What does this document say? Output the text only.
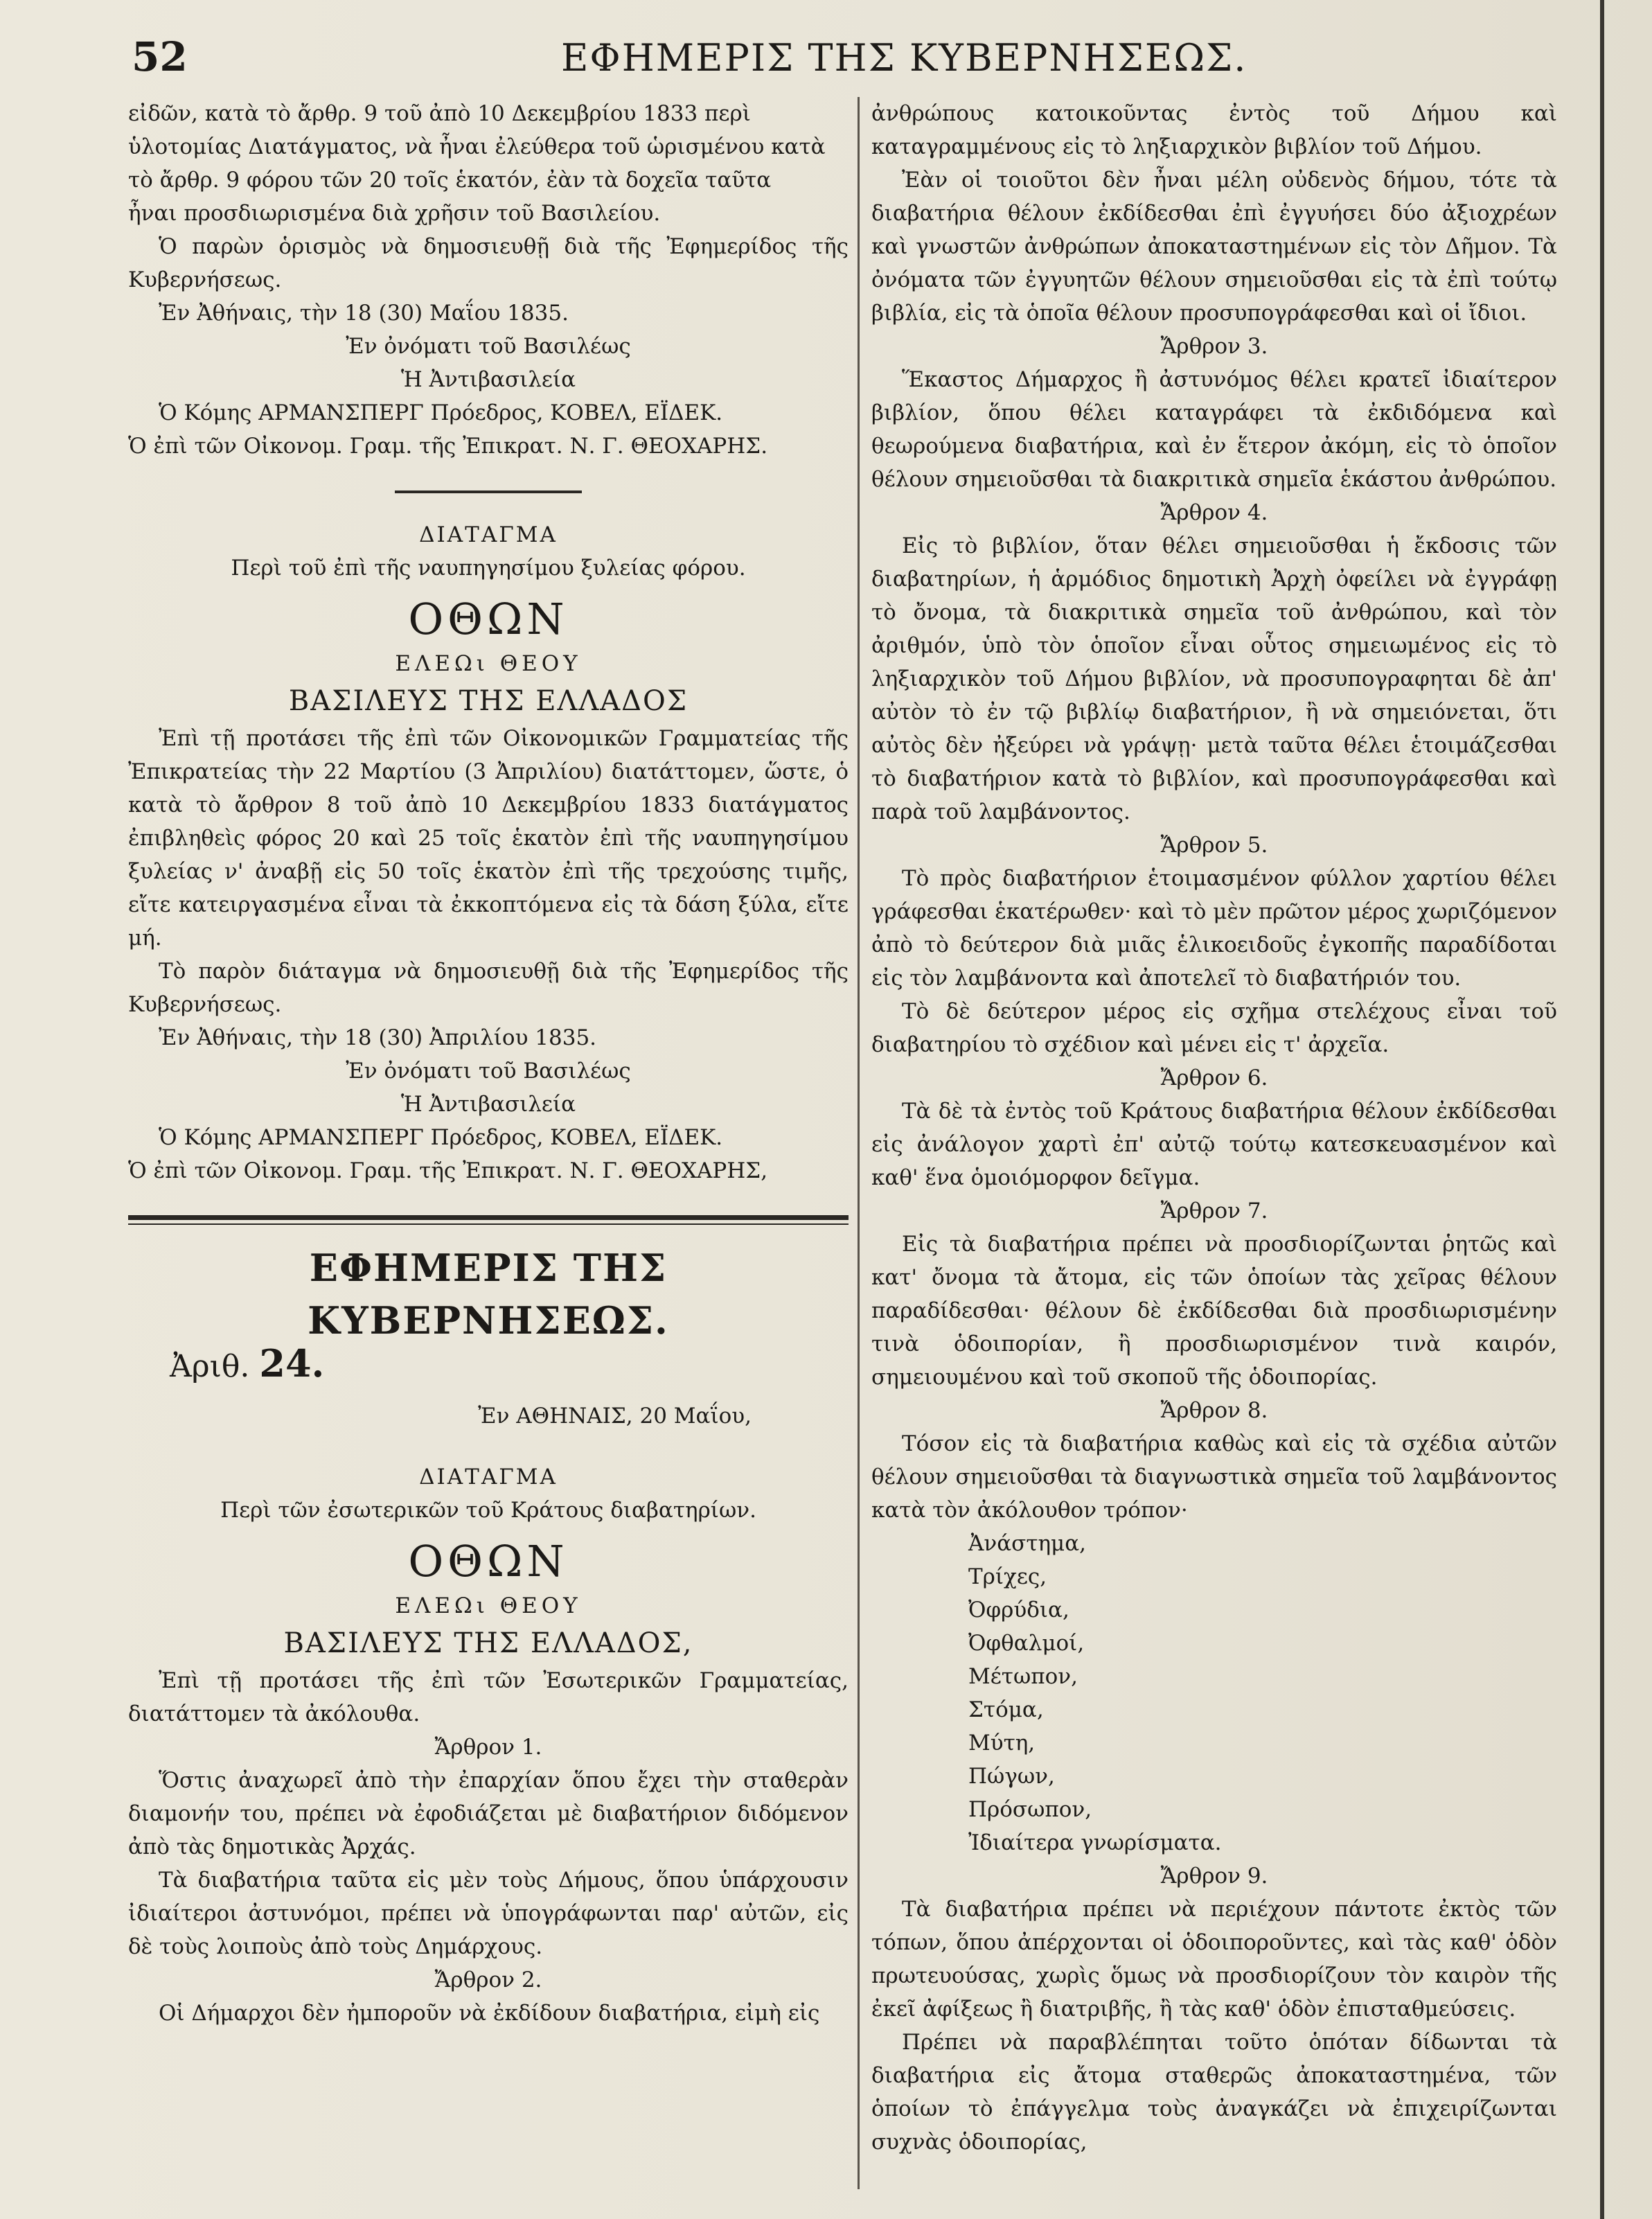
52	ΕΦΗΜΕΡΙΣ ΤΗΣ ΚΥΒΕΡΝΗΣΕΩΣ.

εἰδῶν, κατὰ τὸ ἄρθρ. 9 τοῦ ἀπὸ 10 Δεκεμβρίου 1833 περὶ

ὑλοτομίας Διατάγματος, νὰ ἦναι ἐλεύθερα τοῦ ὡρισμένου κατὰ

τὸ ἄρθρ. 9 φόρου τῶν 20 τοῖς ἑκατόν, ἐὰν τὰ δοχεῖα ταῦτα

ἦναι προσδιωρισμένα διὰ χρῆσιν τοῦ Βασιλείου.

Ὁ παρὼν ὁρισμὸς νὰ δημοσιευθῇ διὰ τῆς Ἐφημερίδος τῆς Κυβερνήσεως.

Ἐν Ἀθήναις, τὴν 18 (30) Μαΐου 1835.

Ἐν ὀνόματι τοῦ Βασιλέως

Ἡ Ἀντιβασιλεία

Ὁ Κόμης ΑΡΜΑΝΣΠΕΡΓ Πρόεδρος, ΚΟΒΕΛ, ΕΪΔΕΚ.

Ὁ ἐπὶ τῶν Οἰκονομ. Γραμ. τῆς Ἐπικρατ. Ν. Γ. ΘΕΟΧΑΡΗΣ.

ΔΙΑΤΑΓΜΑ

Περὶ τοῦ ἐπὶ τῆς ναυπηγησίμου ξυλείας φόρου.

ΟΘΩΝ

ΕΛΕΩι ΘΕΟΥ

ΒΑΣΙΛΕΥΣ ΤΗΣ ΕΛΛΑΔΟΣ

Ἐπὶ τῇ προτάσει τῆς ἐπὶ τῶν Οἰκονομικῶν Γραμματείας τῆς Ἐπικρατείας τὴν 22 Μαρτίου (3 Ἀπριλίου) διατάττομεν, ὥστε, ὁ κατὰ τὸ ἄρθρον 8 τοῦ ἀπὸ 10 Δεκεμβρίου 1833 διατάγματος ἐπιβληθεὶς φόρος 20 καὶ 25 τοῖς ἑκατὸν ἐπὶ τῆς ναυπηγησίμου ξυλείας ν' ἀναβῇ εἰς 50 τοῖς ἑκατὸν ἐπὶ τῆς τρεχούσης τιμῆς, εἴτε κατειργασμένα εἶναι τὰ ἐκκοπτόμενα εἰς τὰ δάση ξύλα, εἴτε μή.

Τὸ παρὸν διάταγμα νὰ δημοσιευθῇ διὰ τῆς Ἐφημερίδος τῆς Κυβερνήσεως.

Ἐν Ἀθήναις, τὴν 18 (30) Ἀπριλίου 1835.

Ἐν ὀνόματι τοῦ Βασιλέως

Ἡ Ἀντιβασιλεία

Ὁ Κόμης ΑΡΜΑΝΣΠΕΡΓ Πρόεδρος, ΚΟΒΕΛ, ΕΪΔΕΚ.

Ὁ ἐπὶ τῶν Οἰκονομ. Γραμ. τῆς Ἐπικρατ. Ν. Γ. ΘΕΟΧΑΡΗΣ,

ΕΦΗΜΕΡΙΣ ΤΗΣ ΚΥΒΕΡΝΗΣΕΩΣ.

Ἀριθ. 24.

Ἐν ΑΘΗΝΑΙΣ, 20 Μαΐου,

ΔΙΑΤΑΓΜΑ

Περὶ τῶν ἐσωτερικῶν τοῦ Κράτους διαβατηρίων.

ΟΘΩΝ

ΕΛΕΩι ΘΕΟΥ

ΒΑΣΙΛΕΥΣ ΤΗΣ ΕΛΛΑΔΟΣ,

Ἐπὶ τῇ προτάσει τῆς ἐπὶ τῶν Ἐσωτερικῶν Γραμματείας, διατάττομεν τὰ ἀκόλουθα.

Ἄρθρον 1.

Ὅστις ἀναχωρεῖ ἀπὸ τὴν ἐπαρχίαν ὅπου ἔχει τὴν σταθερὰν διαμονήν του, πρέπει νὰ ἐφοδιάζεται μὲ διαβατήριον διδόμενον ἀπὸ τὰς δημοτικὰς Ἀρχάς.

Τὰ διαβατήρια ταῦτα εἰς μὲν τοὺς Δήμους, ὅπου ὑπάρχουσιν ἰδιαίτεροι ἀστυνόμοι, πρέπει νὰ ὑπογράφωνται παρ' αὐτῶν, εἰς δὲ τοὺς λοιποὺς ἀπὸ τοὺς Δημάρχους.

Ἄρθρον 2.

Οἱ Δήμαρχοι δὲν ἠμποροῦν νὰ ἐκδίδουν διαβατήρια, εἰμὴ εἰς

ἀνθρώπους κατοικοῦντας ἐντὸς τοῦ Δήμου καὶ καταγραμμένους εἰς τὸ ληξιαρχικὸν βιβλίον τοῦ Δήμου.

Ἐὰν οἱ τοιοῦτοι δὲν ἦναι μέλη οὐδενὸς δήμου, τότε τὰ διαβατήρια θέλουν ἐκδίδεσθαι ἐπὶ ἐγγυήσει δύο ἀξιοχρέων καὶ γνωστῶν ἀνθρώπων ἀποκαταστημένων εἰς τὸν Δῆμον. Τὰ ὀνόματα τῶν ἐγγυητῶν θέλουν σημειοῦσθαι εἰς τὰ ἐπὶ τούτῳ βιβλία, εἰς τὰ ὁποῖα θέλουν προσυπογράφεσθαι καὶ οἱ ἴδιοι.

Ἄρθρον 3.

Ἕκαστος Δήμαρχος ἢ ἀστυνόμος θέλει κρατεῖ ἰδιαίτερον βιβλίον, ὅπου θέλει καταγράφει τὰ ἐκδιδόμενα καὶ θεωρούμενα διαβατήρια, καὶ ἐν ἕτερον ἀκόμη, εἰς τὸ ὁποῖον θέλουν σημειοῦσθαι τὰ διακριτικὰ σημεῖα ἑκάστου ἀνθρώπου.

Ἄρθρον 4.

Εἰς τὸ βιβλίον, ὅταν θέλει σημειοῦσθαι ἡ ἔκδοσις τῶν διαβατηρίων, ἡ ἁρμόδιος δημοτικὴ Ἀρχὴ ὀφείλει νὰ ἐγγράφῃ τὸ ὄνομα, τὰ διακριτικὰ σημεῖα τοῦ ἀνθρώπου, καὶ τὸν ἀριθμόν, ὑπὸ τὸν ὁποῖον εἶναι οὗτος σημειωμένος εἰς τὸ ληξιαρχικὸν τοῦ Δήμου βιβλίον, νὰ προσυπογραφηται δὲ ἀπ' αὐτὸν τὸ ἐν τῷ βιβλίῳ διαβατήριον, ἢ νὰ σημειόνεται, ὅτι αὐτὸς δὲν ἠξεύρει νὰ γράψῃ· μετὰ ταῦτα θέλει ἑτοιμάζεσθαι τὸ διαβατήριον κατὰ τὸ βιβλίον, καὶ προσυπογράφεσθαι καὶ παρὰ τοῦ λαμβάνοντος.

Ἄρθρον 5.

Τὸ πρὸς διαβατήριον ἑτοιμασμένον φύλλον χαρτίου θέλει γράφεσθαι ἑκατέρωθεν· καὶ τὸ μὲν πρῶτον μέρος χωριζόμενον ἀπὸ τὸ δεύτερον διὰ μιᾶς ἑλικοειδοῦς ἐγκοπῆς παραδίδοται εἰς τὸν λαμβάνοντα καὶ ἀποτελεῖ τὸ διαβατήριόν του.

Τὸ δὲ δεύτερον μέρος εἰς σχῆμα στελέχους εἶναι τοῦ διαβατηρίου τὸ σχέδιον καὶ μένει εἰς τ' ἀρχεῖα.

Ἄρθρον 6.

Τὰ δὲ τὰ ἐντὸς τοῦ Κράτους διαβατήρια θέλουν ἐκδίδεσθαι εἰς ἀνάλογον χαρτὶ ἐπ' αὐτῷ τούτῳ κατεσκευασμένον καὶ καθ' ἕνα ὁμοιόμορφον δεῖγμα.

Ἄρθρον 7.

Εἰς τὰ διαβατήρια πρέπει νὰ προσδιορίζωνται ῥητῶς καὶ κατ' ὄνομα τὰ ἄτομα, εἰς τῶν ὁποίων τὰς χεῖρας θέλουν παραδίδεσθαι· θέλουν δὲ ἐκδίδεσθαι διὰ προσδιωρισμένην τινὰ ὁδοιπορίαν, ἢ προσδιωρισμένον τινὰ καιρόν, σημειουμένου καὶ τοῦ σκοποῦ τῆς ὁδοιπορίας.

Ἄρθρον 8.

Τόσον εἰς τὰ διαβατήρια καθὼς καὶ εἰς τὰ σχέδια αὐτῶν θέλουν σημειοῦσθαι τὰ διαγνωστικὰ σημεῖα τοῦ λαμβάνοντος κατὰ τὸν ἀκόλουθον τρόπον·

Ἀνάστημα,
Τρίχες,
Ὀφρύδια,
Ὀφθαλμοί,
Μέτωπον,
Στόμα,
Μύτη,
Πώγων,
Πρόσωπον,
Ἰδιαίτερα γνωρίσματα.

Ἄρθρον 9.

Τὰ διαβατήρια πρέπει νὰ περιέχουν πάντοτε ἐκτὸς τῶν τόπων, ὅπου ἀπέρχονται οἱ ὁδοιπορoῦντες, καὶ τὰς καθ' ὁδὸν πρωτευούσας, χωρὶς ὅμως νὰ προσδιορίζουν τὸν καιρὸν τῆς ἐκεῖ ἀφίξεως ἢ διατριβῆς, ἢ τὰς καθ' ὁδὸν ἐπισταθμεύσεις.

Πρέπει νὰ παραβλέπηται τοῦτο ὁπόταν δίδωνται τὰ διαβατήρια εἰς ἄτομα σταθερῶς ἀποκαταστημένα, τῶν ὁποίων τὸ ἐπάγγελμα τοὺς ἀναγκάζει νὰ ἐπιχειρίζωνται συχνὰς ὁδοιπορίας,
